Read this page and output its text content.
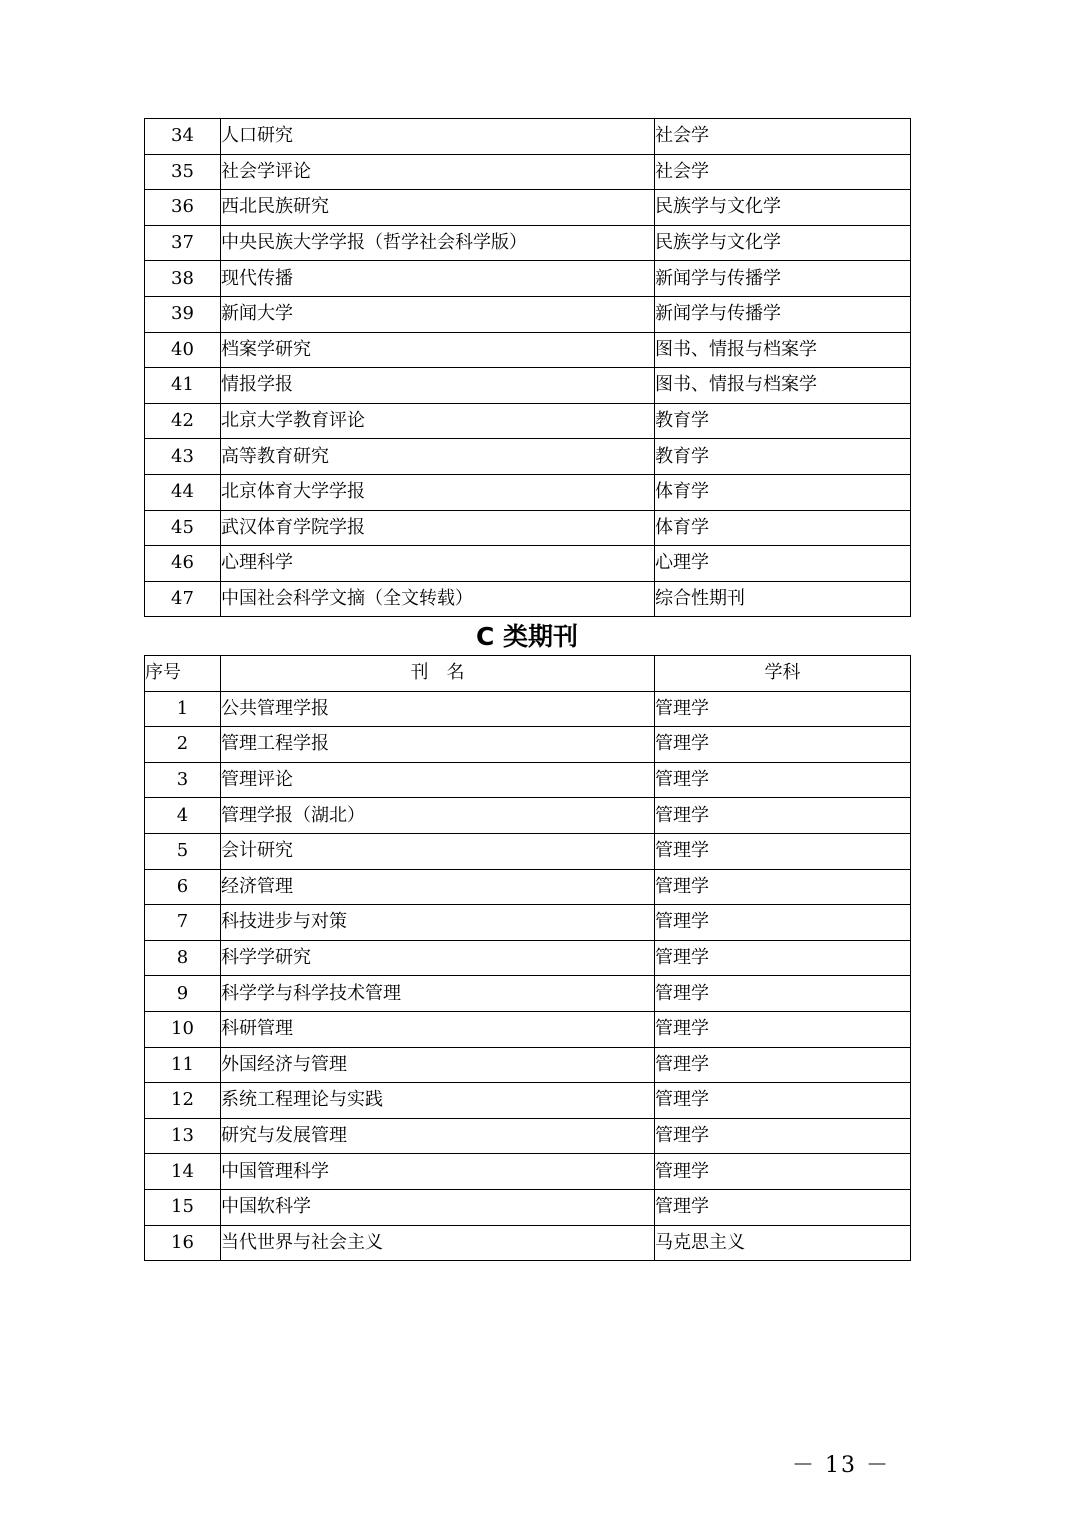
34	人口研究	社会学
35	社会学评论	社会学
36	西北民族研究	民族学与文化学
37	中央民族大学学报（哲学社会科学版）	民族学与文化学
38	现代传播	新闻学与传播学
39	新闻大学	新闻学与传播学
40	档案学研究	图书、情报与档案学
41	情报学报	图书、情报与档案学
42	北京大学教育评论	教育学
43	高等教育研究	教育学
44	北京体育大学学报	体育学
45	武汉体育学院学报	体育学
46	心理科学	心理学
47	中国社会科学文摘（全文转载）	综合性期刊
C 类期刊
序号	刊　名	学科
1	公共管理学报	管理学
2	管理工程学报	管理学
3	管理评论	管理学
4	管理学报（湖北）	管理学
5	会计研究	管理学
6	经济管理	管理学
7	科技进步与对策	管理学
8	科学学研究	管理学
9	科学学与科学技术管理	管理学
10	科研管理	管理学
11	外国经济与管理	管理学
12	系统工程理论与实践	管理学
13	研究与发展管理	管理学
14	中国管理科学	管理学
15	中国软科学	管理学
16	当代世界与社会主义	马克思主义
－ 13 －
